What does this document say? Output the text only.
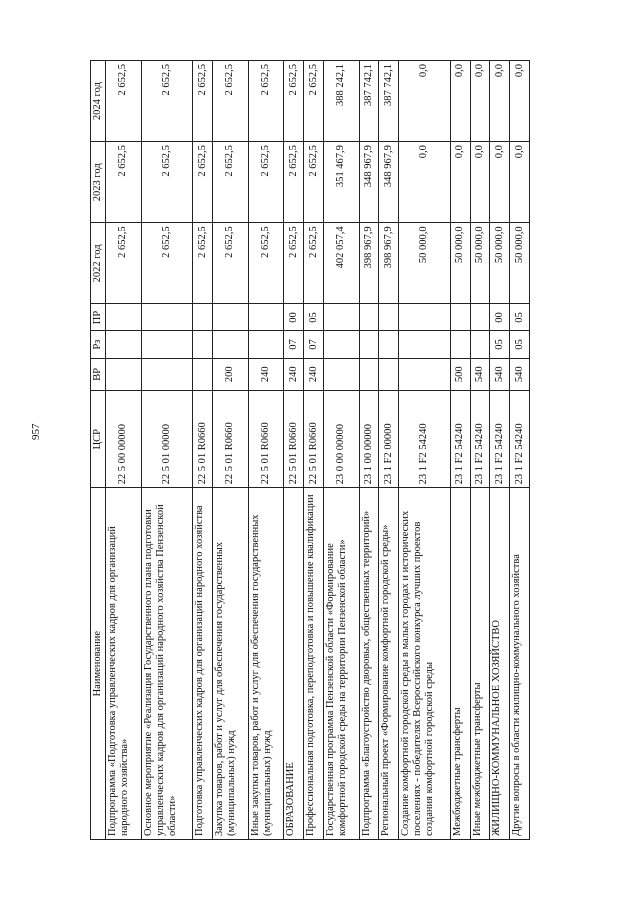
957
Наименование	ЦСР	ВР	Рз	ПР	2022 год	2023 год	2024 год
Подпрограмма «Подготовка управленческих кадров для организаций народного хозяйства»	22 5 00 00000				2 652,5	2 652,5	2 652,5
Основное мероприятие «Реализация Государственного плана подготовки управленческих кадров для организаций народного хозяйства Пензенской области»	22 5 01 00000				2 652,5	2 652,5	2 652,5
Подготовка управленческих кадров для организаций народного хозяйства	22 5 01 R0660				2 652,5	2 652,5	2 652,5
Закупка товаров, работ и услуг для обеспечения государственных (муниципальных) нужд	22 5 01 R0660	200			2 652,5	2 652,5	2 652,5
Иные закупки товаров, работ и услуг для обеспечения государственных (муниципальных) нужд	22 5 01 R0660	240			2 652,5	2 652,5	2 652,5
ОБРАЗОВАНИЕ	22 5 01 R0660	240	07	00	2 652,5	2 652,5	2 652,5
Профессиональная подготовка, переподготовка и повышение квалификации	22 5 01 R0660	240	07	05	2 652,5	2 652,5	2 652,5
Государственная программа Пензенской области «Формирование комфортной городской среды на территории Пензенской области»	23 0 00 00000				402 057,4	351 467,9	388 242,1
Подпрограмма «Благоустройство дворовых, общественных территорий»	23 1 00 00000				398 967,9	348 967,9	387 742,1
Региональный проект «Формирование комфортной городской среды»	23 1 F2 00000				398 967,9	348 967,9	387 742,1
Создание комфортной городской среды в малых городах и исторических поселениях - победителях Всероссийского конкурса лучших проектов создания комфортной городской среды	23 1 F2 54240				50 000,0	0,0	0,0
Межбюджетные трансферты	23 1 F2 54240	500			50 000,0	0,0	0,0
Иные межбюджетные трансферты	23 1 F2 54240	540			50 000,0	0,0	0,0
ЖИЛИЩНО-КОММУНАЛЬНОЕ ХОЗЯЙСТВО	23 1 F2 54240	540	05	00	50 000,0	0,0	0,0
Другие вопросы в области жилищно-коммунального хозяйства	23 1 F2 54240	540	05	05	50 000,0	0,0	0,0
